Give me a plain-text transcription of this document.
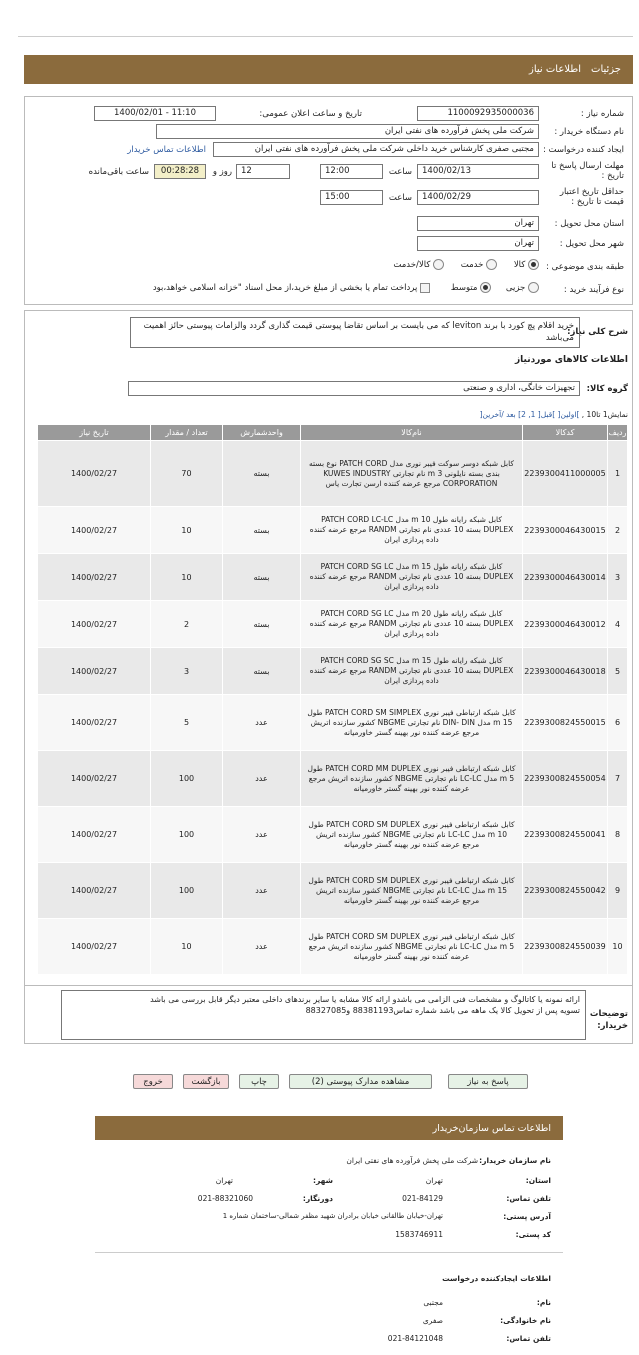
جزئیات
اطلاعات نیاز
شماره نیاز :
1100092935000036
تاریخ و ساعت اعلان عمومی:
1400/02/01 - 11:10
نام دستگاه خریدار :
شرکت ملی پخش فرآورده های نفتی ایران
ایجاد کننده درخواست :
مجتبی صفری کارشناس خرید داخلی شرکت ملی پخش فرآورده های نفتی ایران
اطلاعات تماس خریدار
مهلت ارسال پاسخ تا تاریخ :
1400/02/13
ساعت
12:00
12
روز و
00:28:28
ساعت باقی‌مانده
حداقل تاریخ اعتبار قیمت تا تاریخ :
1400/02/29
ساعت
15:00
استان محل تحویل :
تهران
شهر محل تحویل :
تهران
طبقه بندی موضوعی :
کالا  خدمت  کالا/خدمت
نوع فرآیند خرید :
جزیی  متوسط  پرداخت تمام یا بخشی از مبلغ خرید،از محل اسناد "خزانه اسلامی خواهد،بود
شرح کلی نیاز:
خرید اقلام پچ کورد با برند leviton که می بایست بر اساس تقاضا پیوستی قیمت گذاری گردد والزامات پیوستی حائز اهمیت می‌باشد
اطلاعات کالاهای موردنیاز
گروه کالا:
تجهیزات خانگی، اداری و صنعتی
نمایش1 تا10 , ]اولین[ ]قبل[ 1, 2] بعد /آخرین[
ردیف	کدکالا	نام‌کالا	واحدشمارش	تعداد / مقدار	تاریخ نیاز
1	2239300411000005	کابل شبکه دوسر سوکت فیبر نوری مدل PATCH CORD نوع بسته بندی بسته نایلونی 3 m نام تجارتی KUWES INDUSTRY CORPORATION مرجع عرضه کننده ارسن تجارت یاس	بسته	70	1400/02/27
2	2239300046430015	کابل شبکه رایانه طول 10 m مدل PATCH CORD LC-LC DUPLEX بسته 10 عددی نام تجارتی RANDM مرجع عرضه کننده داده پردازی ایران	بسته	10	1400/02/27
3	2239300046430014	کابل شبکه رایانه طول 15 m مدل PATCH CORD SG LC DUPLEX بسته 10 عددی نام تجارتی RANDM مرجع عرضه کننده داده پردازی ایران	بسته	10	1400/02/27
4	2239300046430012	کابل شبکه رایانه طول 20 m مدل PATCH CORD SG LC DUPLEX بسته 10 عددی نام تجارتی RANDM مرجع عرضه کننده داده پردازی ایران	بسته	2	1400/02/27
5	2239300046430018	کابل شبکه رایانه طول 15 m مدل PATCH CORD SG SC DUPLEX بسته 10 عددی نام تجارتی RANDM مرجع عرضه کننده داده پردازی ایران	بسته	3	1400/02/27
6	2239300824550015	کابل شبکه ارتباطی فیبر نوری PATCH CORD SM SIMPLEX طول 15 m مدل DIN- DIN نام تجارتی NBGME کشور سازنده اتریش مرجع عرضه کننده نور بهینه گستر خاورمیانه	عدد	5	1400/02/27
7	2239300824550054	کابل شبکه ارتباطی فیبر نوری PATCH CORD MM DUPLEX طول 5 m مدل LC-LC نام تجارتی NBGME کشور سازنده اتریش مرجع عرضه کننده نور بهینه گستر خاورمیانه	عدد	100	1400/02/27
8	2239300824550041	کابل شبکه ارتباطی فیبر نوری PATCH CORD SM DUPLEX طول 10 m مدل LC-LC نام تجارتی NBGME کشور سازنده اتریش مرجع عرضه کننده نور بهینه گستر خاورمیانه	عدد	100	1400/02/27
9	2239300824550042	کابل شبکه ارتباطی فیبر نوری PATCH CORD SM DUPLEX طول 15 m مدل LC-LC نام تجارتی NBGME کشور سازنده اتریش مرجع عرضه کننده نور بهینه گستر خاورمیانه	عدد	100	1400/02/27
10	2239300824550039	کابل شبکه ارتباطی فیبر نوری PATCH CORD SM DUPLEX طول 5 m مدل LC-LC نام تجارتی NBGME کشور سازنده اتریش مرجع عرضه کننده نور بهینه گستر خاورمیانه	عدد	10	1400/02/27
توضیحات خریدار:
ارائه نمونه یا کاتالوگ و مشخصات فنی الزامی می باشدو ارائه کالا مشابه یا سایر برندهای داخلی معتبر دیگر قابل بررسی می باشد
تسویه پس از تحویل کالا یک ماهه می باشد شماره تماس88381193 و88327085
پاسخ به نیاز
مشاهده مدارک پیوستی (2)
چاپ
بازگشت
خروج
اطلاعات تماس سازمان‌خریدار
نام سازمان خریدار:
شرکت ملی پخش فرآورده های نفتی ایران
استان:
تهران
شهر:
تهران
تلفن تماس:
021-84129
دورنگار:
021-88321060
آدرس پستی:
تهران-خیابان طالقانی خیابان برادران شهید مظفر شمالی-ساختمان شماره 1
کد پستی:
1583746911
اطلاعات ایجادکننده درخواست
نام:
مجتبی
نام خانوادگی:
صفری
تلفن تماس:
021-84121048
